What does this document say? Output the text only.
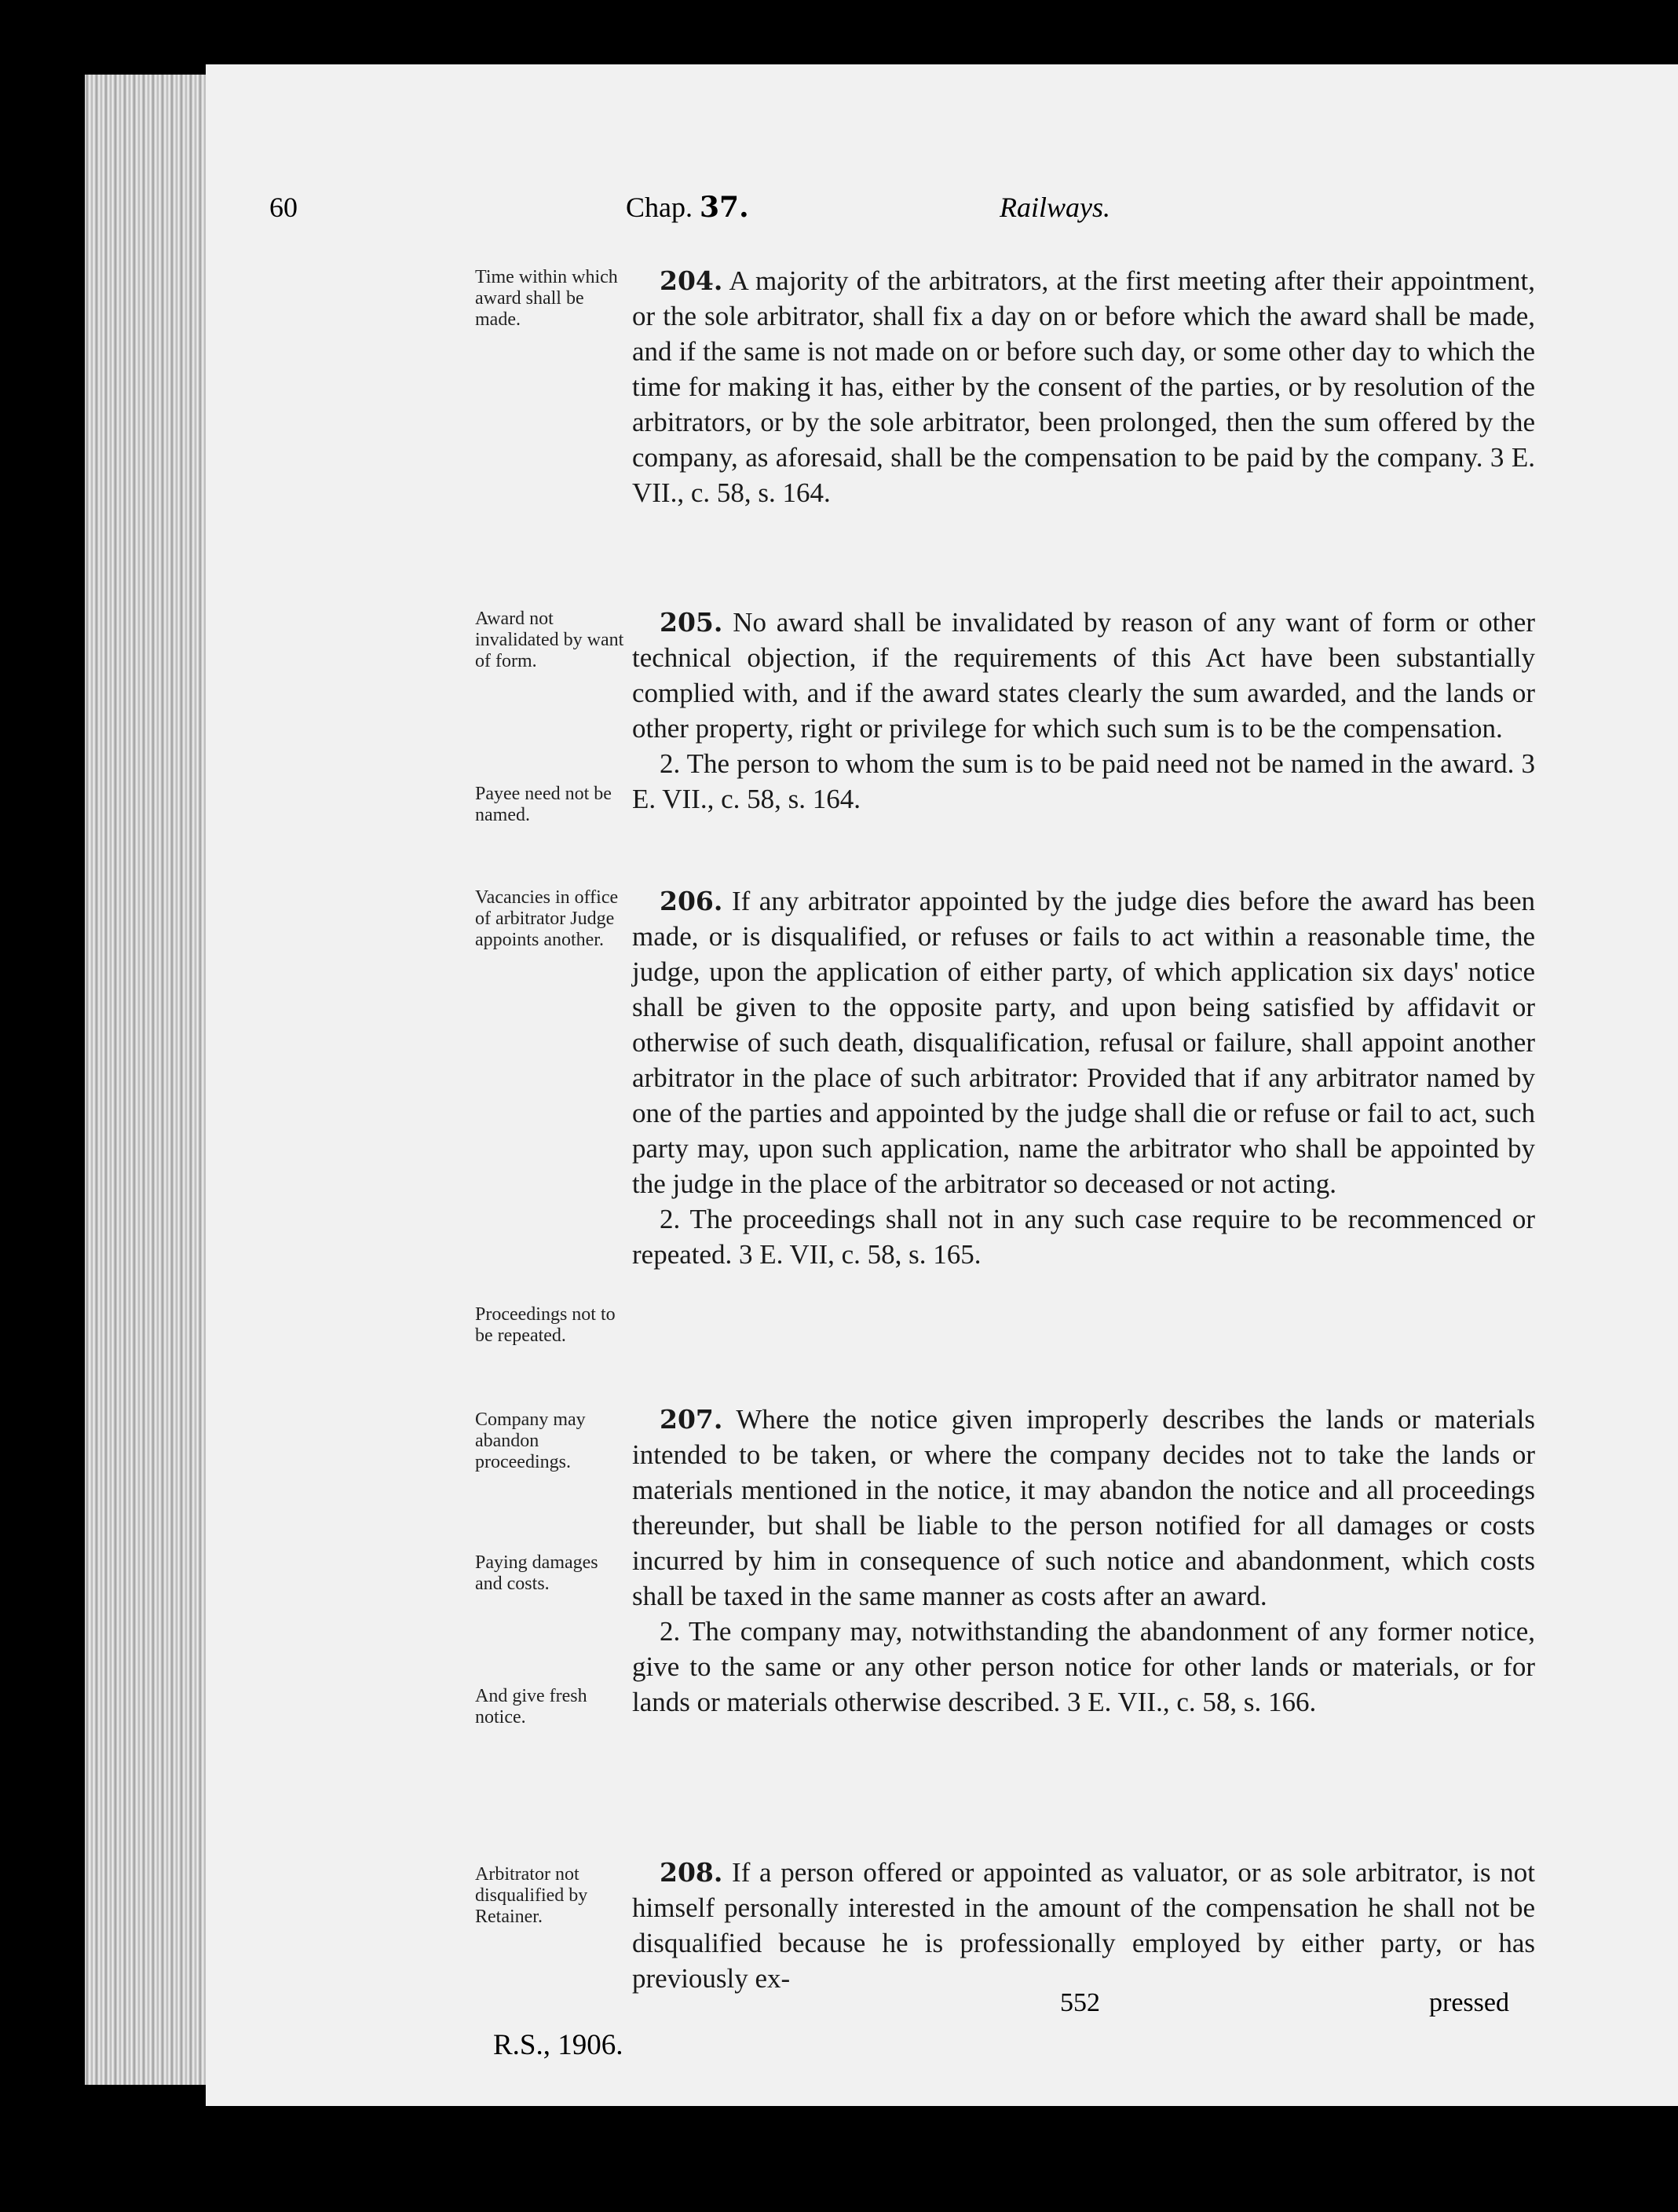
60	Chap. 37.	Railways.

Time within which award shall be made.

204. A majority of the arbitrators, at the first meeting after their appointment, or the sole arbitrator, shall fix a day on or before which the award shall be made, and if the same is not made on or before such day, or some other day to which the time for making it has, either by the consent of the parties, or by resolution of the arbitrators, or by the sole arbitrator, been prolonged, then the sum offered by the company, as aforesaid, shall be the compensation to be paid by the company. 3 E. VII., c. 58, s. 164.

Award not invalidated by want of form.

Payee need not be named.

205. No award shall be invalidated by reason of any want of form or other technical objection, if the requirements of this Act have been substantially complied with, and if the award states clearly the sum awarded, and the lands or other property, right or privilege for which such sum is to be the compensation.

2. The person to whom the sum is to be paid need not be named in the award. 3 E. VII., c. 58, s. 164.

Vacancies in office of arbitrator Judge appoints another.

Proceedings not to be repeated.

206. If any arbitrator appointed by the judge dies before the award has been made, or is disqualified, or refuses or fails to act within a reasonable time, the judge, upon the application of either party, of which application six days' notice shall be given to the opposite party, and upon being satisfied by affidavit or otherwise of such death, disqualification, refusal or failure, shall appoint another arbitrator in the place of such arbitrator: Provided that if any arbitrator named by one of the parties and appointed by the judge shall die or refuse or fail to act, such party may, upon such application, name the arbitrator who shall be appointed by the judge in the place of the arbitrator so deceased or not acting.

2. The proceedings shall not in any such case require to be recommenced or repeated. 3 E. VII, c. 58, s. 165.

Company may abandon proceedings.

Paying damages and costs.

And give fresh notice.

207. Where the notice given improperly describes the lands or materials intended to be taken, or where the company decides not to take the lands or materials mentioned in the notice, it may abandon the notice and all proceedings thereunder, but shall be liable to the person notified for all damages or costs incurred by him in consequence of such notice and abandonment, which costs shall be taxed in the same manner as costs after an award.

2. The company may, notwithstanding the abandonment of any former notice, give to the same or any other person notice for other lands or materials, or for lands or materials otherwise described. 3 E. VII., c. 58, s. 166.

Arbitrator not disqualified by Retainer.

208. If a person offered or appointed as valuator, or as sole arbitrator, is not himself personally interested in the amount of the compensation he shall not be disqualified because he is professionally employed by either party, or has previously ex-

552	pressed
R.S., 1906.
